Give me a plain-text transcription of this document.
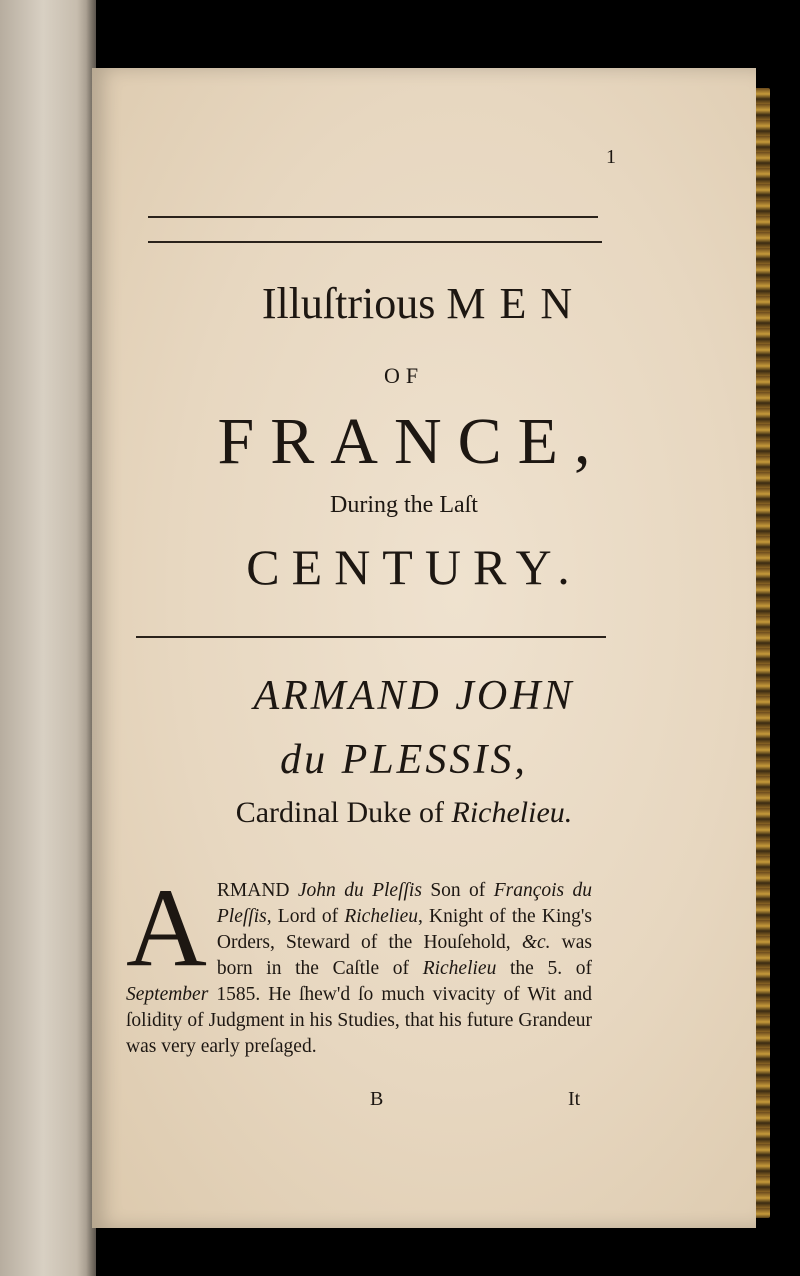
1
Illuſtrious MEN
OF
FRANCE,
During the Laſt
CENTURY.
ARMAND JOHN
du PLESSIS,
Cardinal Duke of Richelieu.
ARMAND John du Pleſſis Son of François du Pleſſis, Lord of Richelieu, Knight of the King's Orders, Steward of the Houſehold, &c. was born in the Caſtle of Richelieu the 5. of September 1585. He ſhew'd ſo much vivacity of Wit and ſolidity of Judgment in his Studies, that his future Grandeur was very early preſaged.
B	It
